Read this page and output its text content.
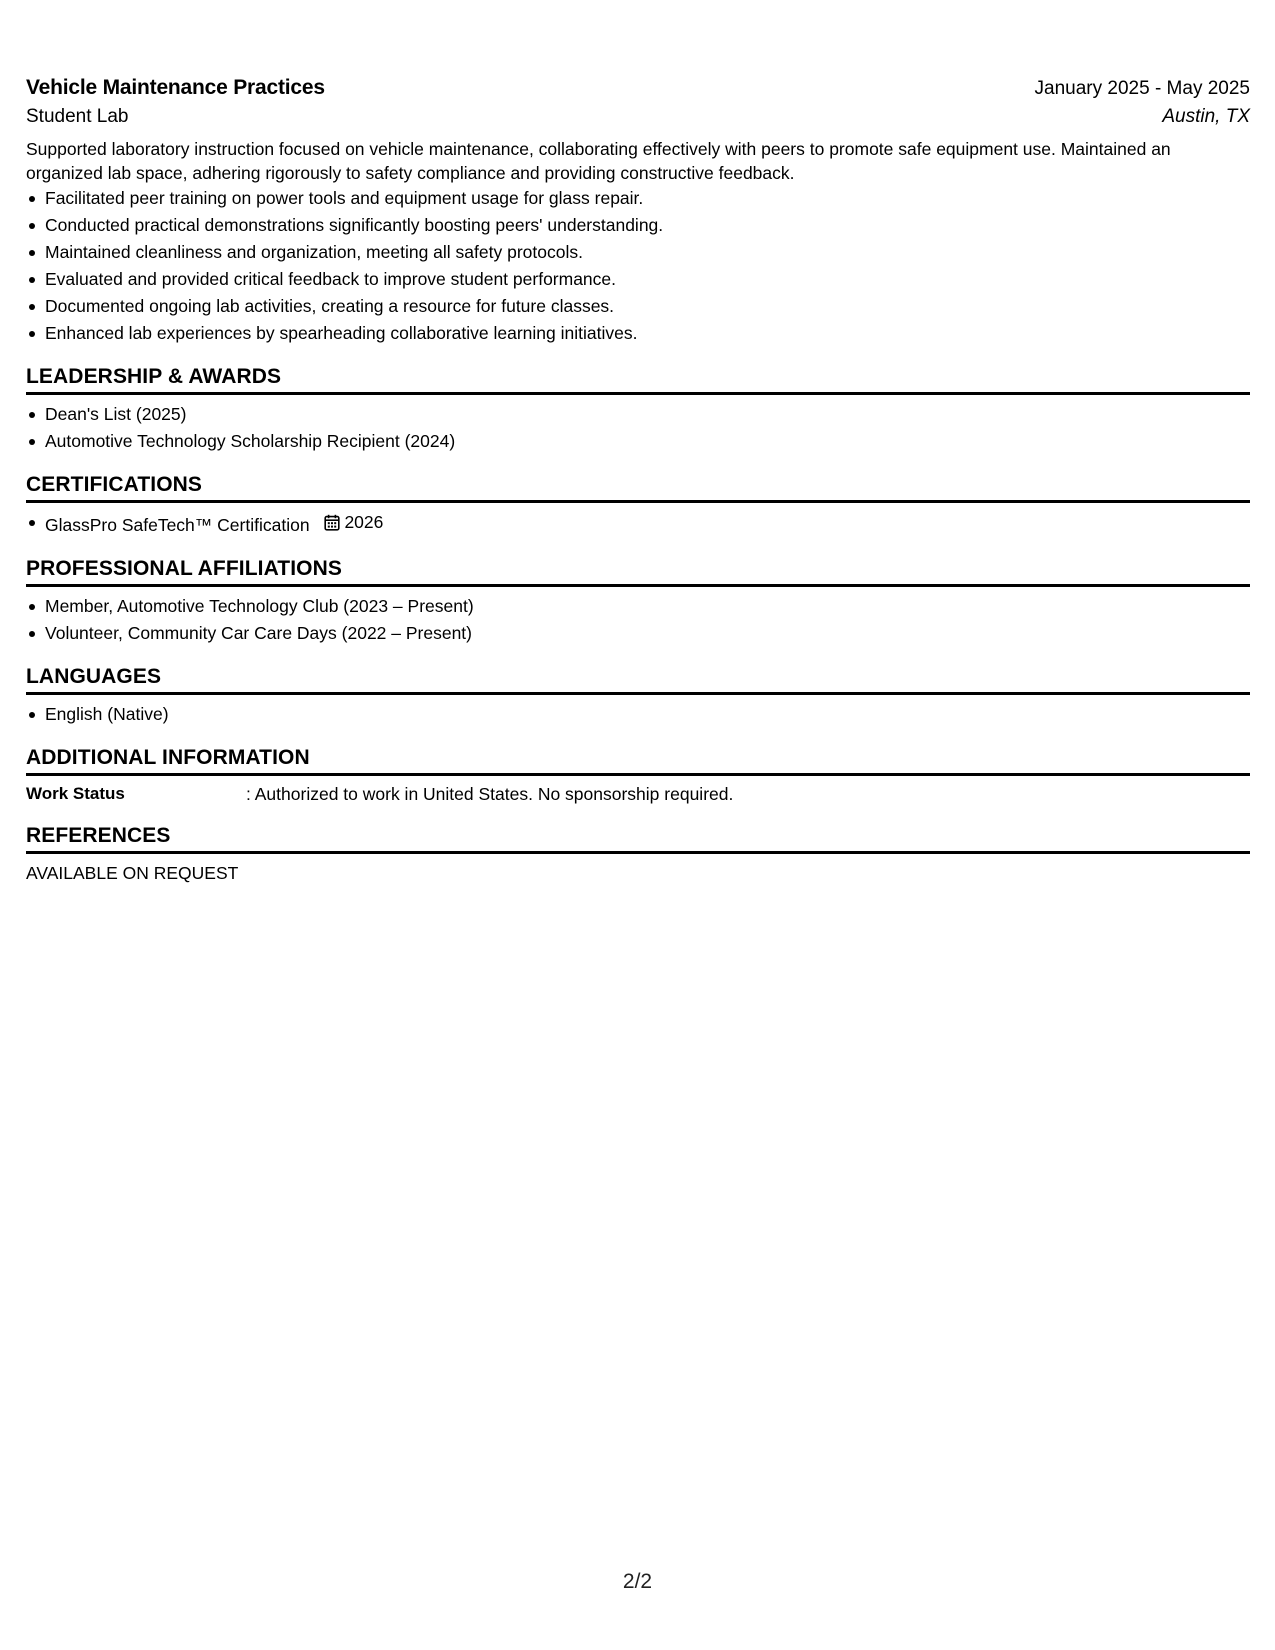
Vehicle Maintenance Practices	January 2025 - May 2025
Student Lab	Austin, TX
Supported laboratory instruction focused on vehicle maintenance, collaborating effectively with peers to promote safe equipment use. Maintained an organized lab space, adhering rigorously to safety compliance and providing constructive feedback.
Facilitated peer training on power tools and equipment usage for glass repair.
Conducted practical demonstrations significantly boosting peers' understanding.
Maintained cleanliness and organization, meeting all safety protocols.
Evaluated and provided critical feedback to improve student performance.
Documented ongoing lab activities, creating a resource for future classes.
Enhanced lab experiences by spearheading collaborative learning initiatives.
LEADERSHIP & AWARDS
Dean's List (2025)
Automotive Technology Scholarship Recipient (2024)
CERTIFICATIONS
GlassPro SafeTech™ Certification 2026
PROFESSIONAL AFFILIATIONS
Member, Automotive Technology Club (2023 – Present)
Volunteer, Community Car Care Days (2022 – Present)
LANGUAGES
English (Native)
ADDITIONAL INFORMATION
Work Status	: Authorized to work in United States. No sponsorship required.
REFERENCES
AVAILABLE ON REQUEST
2/2
